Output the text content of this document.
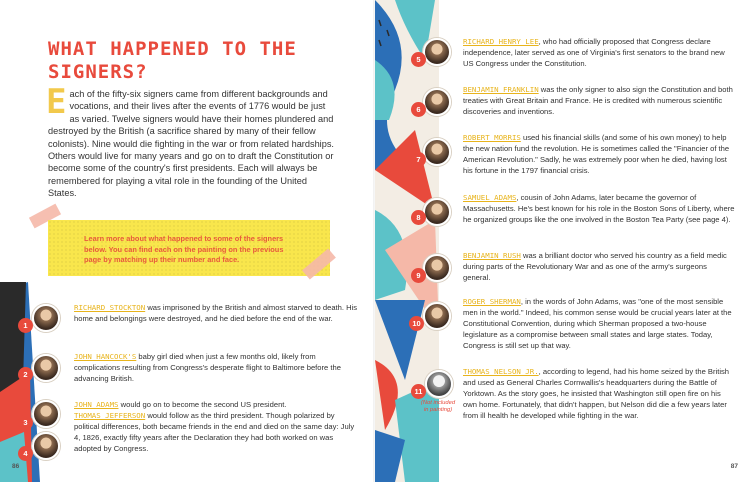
WHAT HAPPENED TO THE SIGNERS?
Each of the fifty-six signers came from different backgrounds and vocations, and their lives after the events of 1776 would be just as varied. Twelve signers would have their homes plundered and destroyed by the British (a sacrifice shared by many of their fellow colonists). Nine would die fighting in the war or from related hardships. Others would live for many years and go on to draft the Constitution or become some of the country's first presidents. Each will always be remembered for playing a vital role in the founding of the United States.
Learn more about what happened to some of the signers below. You can find each on the painting on the previous page by matching up their number and face.
1
RICHARD STOCKTON was imprisoned by the British and almost starved to death. His home and belongings were destroyed, and he died before the end of the war.
2
JOHN HANCOCK'S baby girl died when just a few months old, likely from complications resulting from Congress's desperate flight to Baltimore before the advancing British.
3
4
JOHN ADAMS would go on to become the second US president.
THOMAS JEFFERSON would follow as the third president. Though polarized by political differences, both became friends in the end and died on the same day: July 4, 1826, exactly fifty years after the Declaration they had both worked on was adopted by Congress.
86
5
RICHARD HENRY LEE, who had officially proposed that Congress declare independence, later served as one of Virginia's first senators to the brand new US Congress under the Constitution.
6
BENJAMIN FRANKLIN was the only signer to also sign the Constitution and both treaties with Great Britain and France. He is credited with numerous scientific discoveries and inventions.
7
ROBERT MORRIS used his financial skills (and some of his own money) to help the new nation fund the revolution. He is sometimes called the "Financier of the American Revolution." Sadly, he was extremely poor when he died, having lost his fortune in the 1797 financial crisis.
8
SAMUEL ADAMS, cousin of John Adams, later became the governor of Massachusetts. He's best known for his role in the Boston Sons of Liberty, where he organized groups like the one involved in the Boston Tea Party (see page 4).
9
BENJAMIN RUSH was a brilliant doctor who served his country as a field medic during parts of the Revolutionary War and as one of the army's surgeons general.
10
ROGER SHERMAN, in the words of John Adams, was "one of the most sensible men in the world." Indeed, his common sense would be crucial years later at the Constitutional Convention, during which Sherman proposed a two-house legislature as a compromise between small states and large states. Today, Congress is still set up that way.
11
(Not included in painting)
THOMAS NELSON JR., according to legend, had his home seized by the British and used as General Charles Cornwallis's headquarters during the Battle of Yorktown. As the story goes, he insisted that Washington still open fire on his own home. Fortunately, that didn't happen, but Nelson did die a few years later from ill health he developed while fighting in the war.
87
